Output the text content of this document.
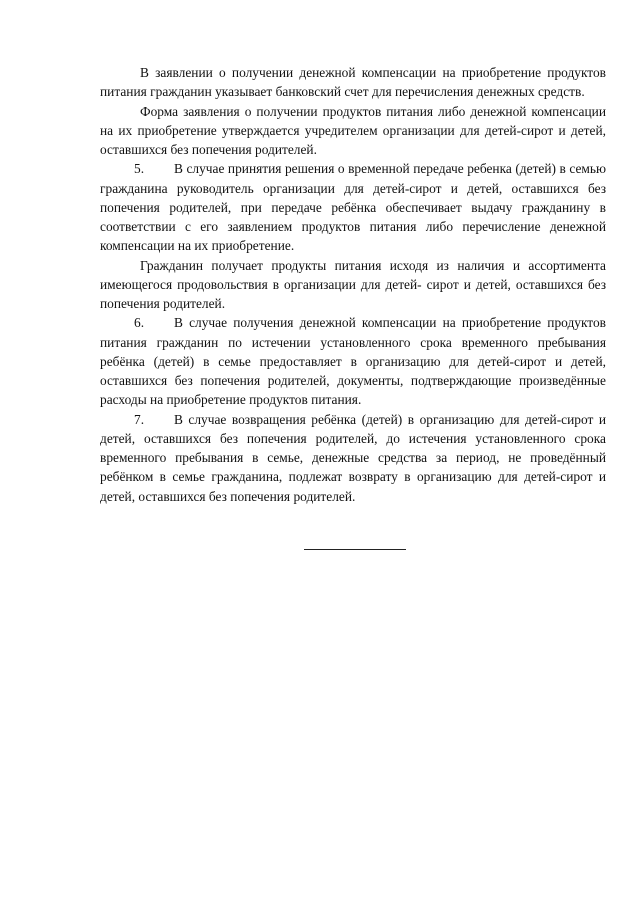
В заявлении о получении денежной компенсации на приобретение продуктов питания гражданин указывает банковский счет для перечисления денежных средств.

Форма заявления о получении продуктов питания либо денежной компенсации на их приобретение утверждается учредителем организации для детей-сирот и детей, оставшихся без попечения родителей.

5. В случае принятия решения о временной передаче ребенка (детей) в семью гражданина руководитель организации для детей-сирот и детей, оставшихся без попечения родителей, при передаче ребёнка обеспечивает выдачу гражданину в соответствии с его заявлением продуктов питания либо перечисление денежной компенсации на их приобретение.

Гражданин получает продукты питания исходя из наличия и ассортимента имеющегося продовольствия в организации для детей- сирот и детей, оставшихся без попечения родителей.

6. В случае получения денежной компенсации на приобретение продуктов питания гражданин по истечении установленного срока временного пребывания ребёнка (детей) в семье предоставляет в организацию для детей-сирот и детей, оставшихся без попечения родителей, документы, подтверждающие произведённые расходы на приобретение продуктов питания.

7. В случае возвращения ребёнка (детей) в организацию для детей-сирот и детей, оставшихся без попечения родителей, до истечения установленного срока временного пребывания в семье, денежные средства за период, не проведённый ребёнком в семье гражданина, подлежат возврату в организацию для детей-сирот и детей, оставшихся без попечения родителей.
